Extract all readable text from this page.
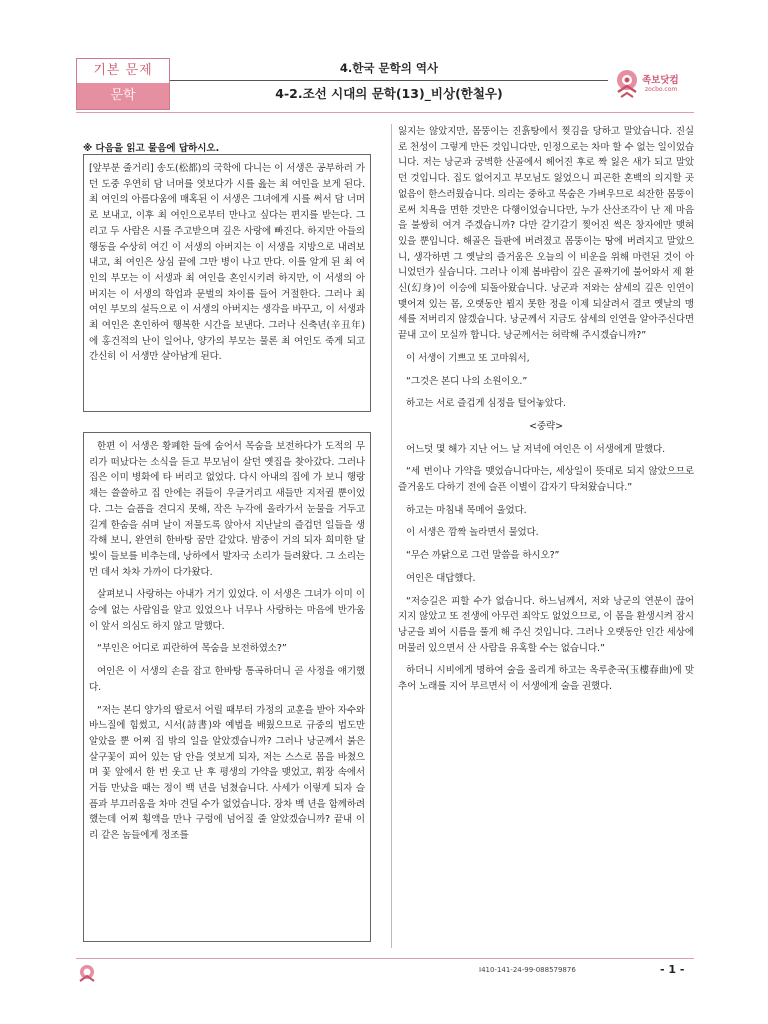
기본 문제
문학
4.한국 문학의 역사
4-2.조선 시대의 문학(13)_비상(한철우)
족보닷컴
zocbo.com
※ 다음을 읽고 물음에 답하시오.

[앞부분 줄거리] 송도(松都)의 국학에 다니는 이 서생은 공부하러 가던 도중 우연히 담 너머를 엿보다가 시를 읊는 최 여인을 보게 된다. 최 여인의 아름다움에 매혹된 이 서생은 그녀에게 시를 써서 담 너머로 보내고, 이후 최 여인으로부터 만나고 싶다는 편지를 받는다. 그리고 두 사람은 시를 주고받으며 깊은 사랑에 빠진다. 하지만 아들의 행동을 수상히 여긴 이 서생의 아버지는 이 서생을 지방으로 내려보내고, 최 여인은 상심 끝에 그만 병이 나고 만다. 이를 알게 된 최 여인의 부모는 이 서생과 최 여인을 혼인시키려 하지만, 이 서생의 아버지는 이 서생의 학업과 문벌의 차이를 들어 거절한다. 그러나 최 여인 부모의 설득으로 이 서생의 아버지는 생각을 바꾸고, 이 서생과 최 여인은 혼인하여 행복한 시간을 보낸다. 그러나 신축년(辛丑年)에 홍건적의 난이 일어나, 양가의 부모는 물론 최 여인도 죽게 되고 간신히 이 서생만 살아남게 된다.

한편 이 서생은 황폐한 들에 숨어서 목숨을 보전하다가 도적의 무리가 떠났다는 소식을 듣고 부모님이 살던 옛집을 찾아갔다. 그러나 집은 이미 병화에 타 버리고 없었다. 다시 아내의 집에 가 보니 행랑채는 쓸쓸하고 집 안에는 쥐들이 우글거리고 새들만 지저귈 뿐이었다. 그는 슬픔을 견디지 못해, 작은 누각에 올라가서 눈물을 거두고 길게 한숨을 쉬며 날이 저물도록 앉아서 지난날의 즐겁던 일들을 생각해 보니, 완연히 한바탕 꿈만 같았다. 밤중이 거의 되자 희미한 달빛이 들보를 비추는데, 낭하에서 발자국 소리가 들려왔다. 그 소리는 먼 데서 차차 가까이 다가왔다.

살펴보니 사랑하는 아내가 거기 있었다. 이 서생은 그녀가 이미 이승에 없는 사람임을 알고 있었으나 너무나 사랑하는 마음에 반가움이 앞서 의심도 하지 않고 말했다.

“부인은 어디로 피란하여 목숨을 보전하였소?”

여인은 이 서생의 손을 잡고 한바탕 통곡하더니 곧 사정을 얘기했다.

“저는 본디 양가의 딸로서 어릴 때부터 가정의 교훈을 받아 자수와 바느질에 힘썼고, 시서(詩書)와 예법을 배웠으므로 규중의 법도만 알았을 뿐 어찌 집 밖의 일을 알았겠습니까? 그러나 낭군께서 붉은 살구꽃이 피어 있는 담 안을 엿보게 되자, 저는 스스로 몸을 바쳤으며 꽃 앞에서 한 번 웃고 난 후 평생의 가약을 맺었고, 휘장 속에서 거듭 만났을 때는 정이 백 년을 넘쳤습니다. 사세가 이렇게 되자 슬픔과 부끄러움을 차마 견딜 수가 없었습니다. 장차 백 년을 함께하려 했는데 어찌 횡액을 만나 구렁에 넘어질 줄 알았겠습니까? 끝내 이리 같은 놈들에게 정조를

잃지는 않았지만, 몸뚱이는 진흙탕에서 찢김을 당하고 말았습니다. 진실로 천성이 그렇게 만든 것입니다만, 인정으로는 차마 할 수 없는 일이었습니다. 저는 낭군과 궁벽한 산골에서 헤어진 후로 짝 잃은 새가 되고 말았던 것입니다. 집도 없어지고 부모님도 잃었으니 피곤한 혼백의 의지할 곳 없음이 한스러웠습니다. 의리는 중하고 목숨은 가벼우므로 쇠잔한 몸뚱이로써 치욕을 면한 것만은 다행이었습니다만, 누가 산산조각이 난 제 마음을 불쌍히 여겨 주겠습니까? 다만 갈기갈기 찢어진 썩은 창자에만 맺혀 있을 뿐입니다. 해골은 들판에 버려졌고 몸뚱이는 땅에 버려지고 말았으니, 생각하면 그 옛날의 즐거움은 오늘의 이 비운을 위해 마련된 것이 아니었던가 싶습니다. 그러나 이제 봄바람이 깊은 골짜기에 불어와서 제 환신(幻身)이 이승에 되돌아왔습니다. 낭군과 저와는 삼세의 깊은 인연이 맺어져 있는 몸, 오랫동안 뵙지 못한 정을 이제 되살려서 결코 옛날의 맹세를 저버리지 않겠습니다. 낭군께서 지금도 삼세의 인연을 알아주신다면 끝내 고이 모실까 합니다. 낭군께서는 허락해 주시겠습니까?”

이 서생이 기쁘고 또 고마워서,

“그것은 본디 나의 소원이오.”

하고는 서로 즐겁게 심정을 털어놓았다.

<중략>

어느덧 몇 해가 지난 어느 날 저녁에 여인은 이 서생에게 말했다.

“세 번이나 가약을 맺었습니다마는, 세상일이 뜻대로 되지 않았으므로 즐거움도 다하기 전에 슬픈 이별이 갑자기 닥쳐왔습니다.”

하고는 마침내 목메어 울었다.

이 서생은 깜짝 놀라면서 물었다.

“무슨 까닭으로 그런 말씀을 하시오?”

여인은 대답했다.

“저승길은 피할 수가 없습니다. 하느님께서, 저와 낭군의 연분이 끊어지지 않았고 또 전생에 아무런 죄악도 없었으므로, 이 몸을 환생시켜 잠시 낭군을 뵈어 시름을 풀게 해 주신 것입니다. 그러나 오랫동안 인간 세상에 머물러 있으면서 산 사람을 유혹할 수는 없습니다.”

하더니 시비에게 명하여 술을 올리게 하고는 옥루춘곡(玉樓春曲)에 맞추어 노래를 지어 부르면서 이 서생에게 술을 권했다.

I410-141-24-99-088579876	- 1 -
